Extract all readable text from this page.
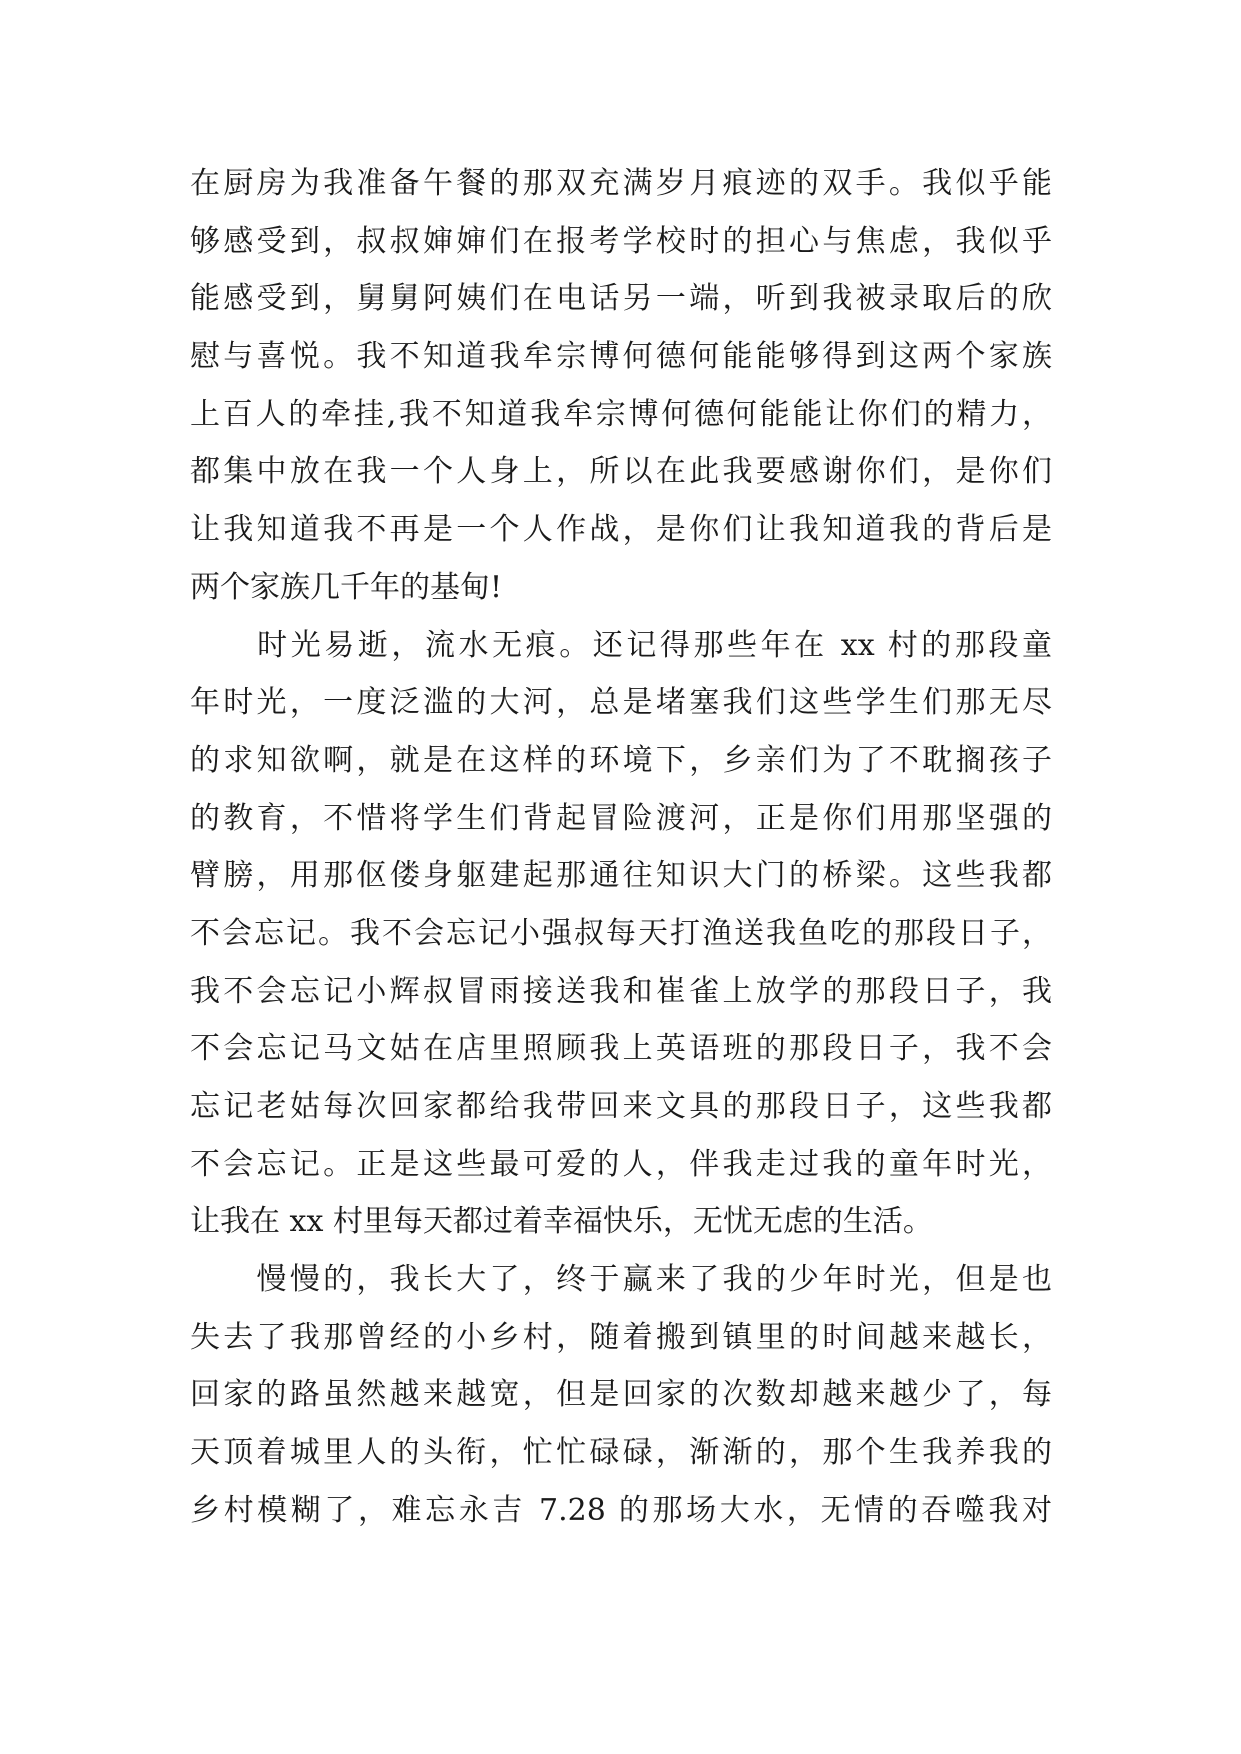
在厨房为我准备午餐的那双充满岁月痕迹的双手。我似乎能
够感受到，叔叔婶婶们在报考学校时的担心与焦虑，我似乎
能感受到，舅舅阿姨们在电话另一端，听到我被录取后的欣
慰与喜悦。我不知道我牟宗博何德何能能够得到这两个家族
上百人的牵挂,我不知道我牟宗博何德何能能让你们的精力，
都集中放在我一个人身上，所以在此我要感谢你们，是你们
让我知道我不再是一个人作战，是你们让我知道我的背后是
两个家族几千年的基甸!
　　时光易逝，流水无痕。还记得那些年在 xx 村的那段童
年时光，一度泛滥的大河，总是堵塞我们这些学生们那无尽
的求知欲啊，就是在这样的环境下，乡亲们为了不耽搁孩子
的教育，不惜将学生们背起冒险渡河，正是你们用那坚强的
臂膀，用那伛偻身躯建起那通往知识大门的桥梁。这些我都
不会忘记。我不会忘记小强叔每天打渔送我鱼吃的那段日子，
我不会忘记小辉叔冒雨接送我和崔雀上放学的那段日子，我
不会忘记马文姑在店里照顾我上英语班的那段日子，我不会
忘记老姑每次回家都给我带回来文具的那段日子，这些我都
不会忘记。正是这些最可爱的人，伴我走过我的童年时光，
让我在 xx 村里每天都过着幸福快乐，无忧无虑的生活。
　　慢慢的，我长大了，终于赢来了我的少年时光，但是也
失去了我那曾经的小乡村，随着搬到镇里的时间越来越长，
回家的路虽然越来越宽，但是回家的次数却越来越少了，每
天顶着城里人的头衔，忙忙碌碌，渐渐的，那个生我养我的
乡村模糊了，难忘永吉 7.28 的那场大水，无情的吞噬我对
